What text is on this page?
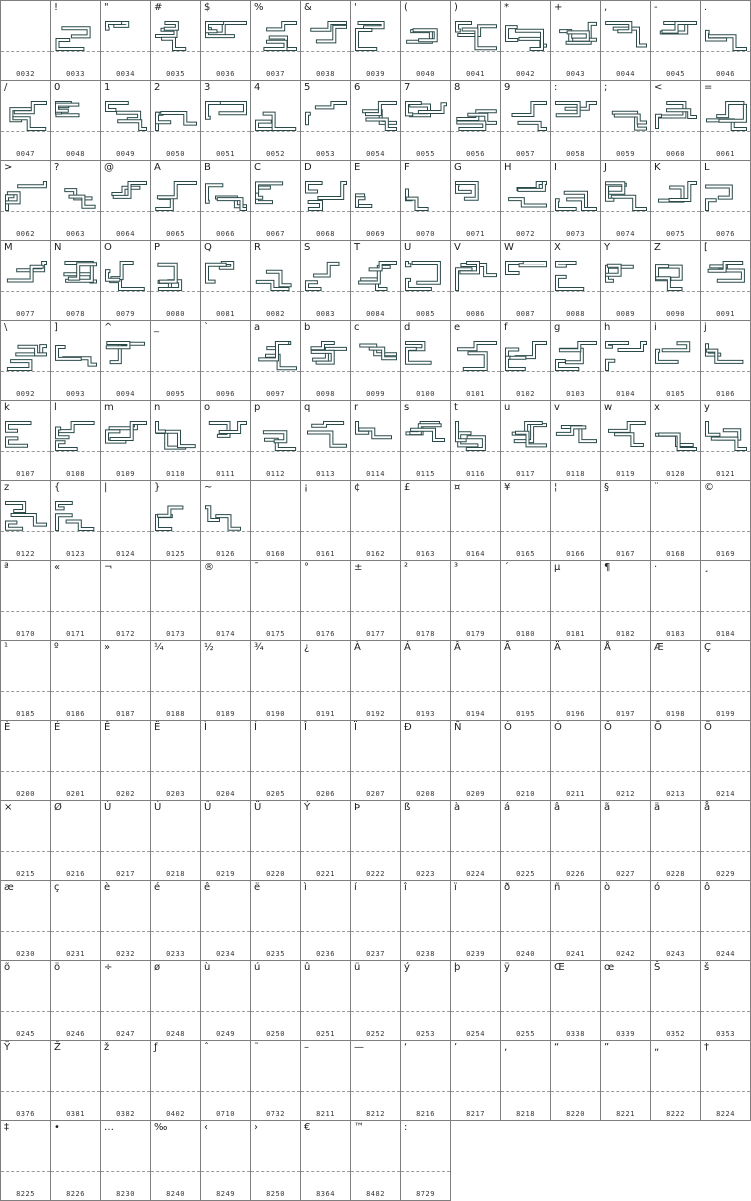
0032
!
0033
"
0034
#
0035
$
0036
%
0037
&
0038
'
0039
(
0040
)
0041
*
0042
+
0043
,
0044
-
0045
.
0046
/
0047
0
0048
1
0049
2
0050
3
0051
4
0052
5
0053
6
0054
7
0055
8
0056
9
0057
:
0058
;
0059
<
0060
=
0061
>
0062
?
0063
@
0064
A
0065
B
0066
C
0067
D
0068
E
0069
F
0070
G
0071
H
0072
I
0073
J
0074
K
0075
L
0076
M
0077
N
0078
O
0079
P
0080
Q
0081
R
0082
S
0083
T
0084
U
0085
V
0086
W
0087
X
0088
Y
0089
Z
0090
[
0091
\
0092
]
0093
^
0094
_
0095
`
0096
a
0097
b
0098
c
0099
d
0100
e
0101
f
0102
g
0103
h
0104
i
0105
j
0106
k
0107
l
0108
m
0109
n
0110
o
0111
p
0112
q
0113
r
0114
s
0115
t
0116
u
0117
v
0118
w
0119
x
0120
y
0121
z
0122
{
0123
|
0124
}
0125
~
0126	0160
¡
0161
¢
0162
£
0163
¤
0164
¥
0165
¦
0166
§
0167
¨
0168
©
0169
ª
0170
«
0171
¬
0172	0173
®
0174
¯
0175
°
0176
±
0177
²
0178
³
0179
´
0180
µ
0181
¶
0182
·
0183
¸
0184
¹
0185
º
0186
»
0187
¼
0188
½
0189
¾
0190
¿
0191
À
0192
Á
0193
Â
0194
Ã
0195
Ä
0196
Å
0197
Æ
0198
Ç
0199
È
0200
É
0201
Ê
0202
Ë
0203
Ì
0204
Í
0205
Î
0206
Ï
0207
Ð
0208
Ñ
0209
Ò
0210
Ó
0211
Ô
0212
Õ
0213
Ö
0214
×
0215
Ø
0216
Ù
0217
Ú
0218
Û
0219
Ü
0220
Ý
0221
Þ
0222
ß
0223
à
0224
á
0225
â
0226
ã
0227
ä
0228
å
0229
æ
0230
ç
0231
è
0232
é
0233
ê
0234
ë
0235
ì
0236
í
0237
î
0238
ï
0239
ð
0240
ñ
0241
ò
0242
ó
0243
ô
0244
õ
0245
ö
0246
÷
0247
ø
0248
ù
0249
ú
0250
û
0251
ü
0252
ý
0253
þ
0254
ÿ
0255
Œ
0338
œ
0339
Š
0352
š
0353
Ÿ
0376
Ž
0381
ž
0382
ƒ
0402
ˆ
0710
˜
0732
–
8211
—
8212
‘
8216
’
8217
‚
8218
“
8220
”
8221
„
8222
†
8224
‡
8225
•
8226
…
8230
‰
8240
‹
8249
›
8250
€
8364
™
8482
:
8729
